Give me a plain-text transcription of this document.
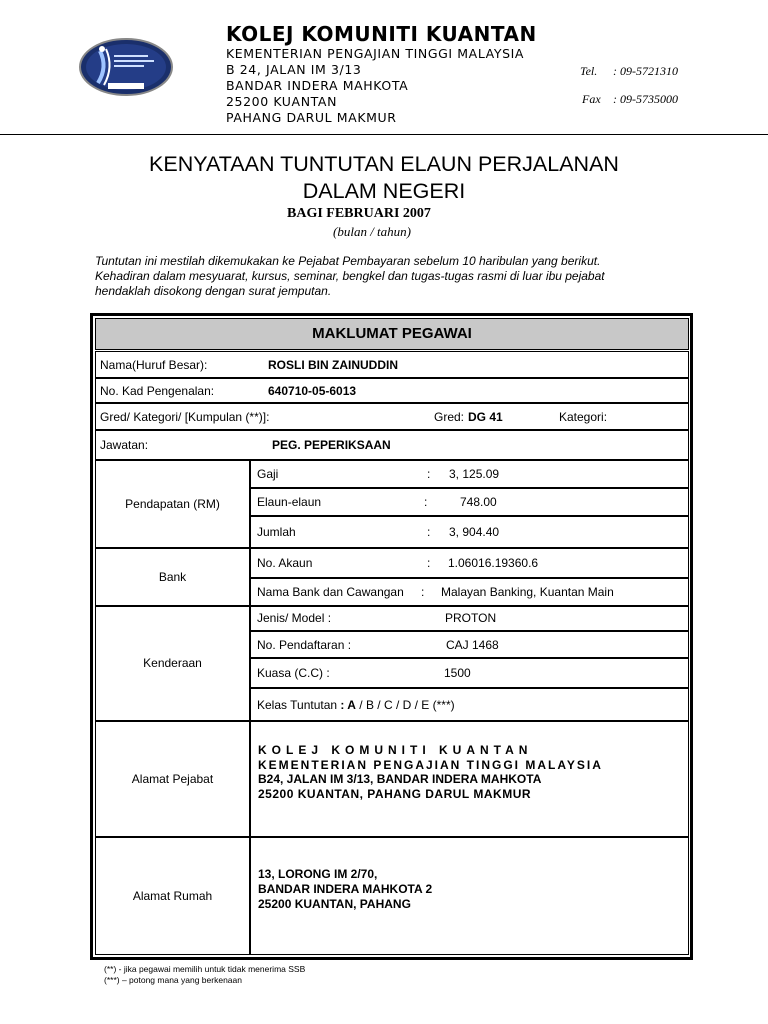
KOLEJ KOMUNITI KUANTAN
KEMENTERIAN PENGAJIAN TINGGI MALAYSIA
B 24, JALAN IM 3/13
BANDAR INDERA MAHKOTA
25200 KUANTAN
PAHANG DARUL MAKMUR
Tel. : 09-5721310
Fax : 09-5735000
KENYATAAN TUNTUTAN ELAUN PERJALANAN
DALAM NEGERI
BAGI FEBRUARI 2007
(bulan / tahun)
Tuntutan ini mestilah dikemukakan ke Pejabat Pembayaran sebelum 10 haribulan yang berikut.
Kehadiran dalam mesyuarat, kursus, seminar, bengkel dan tugas-tugas rasmi di luar ibu pejabat
hendaklah disokong dengan surat jemputan.
MAKLUMAT PEGAWAI
Nama(Huruf Besar):	ROSLI BIN ZAINUDDIN
No. Kad Pengenalan:	640710-05-6013
Gred/ Kategori/ [Kumpulan (**)]:	Gred: DG 41	Kategori:
Jawatan:	PEG. PEPERIKSAAN
Pendapatan (RM)
Gaji	: 3, 125.09
Elaun-elaun	:	748.00
Jumlah	: 3, 904.40
Bank
No. Akaun	: 1.06016.19360.6
Nama Bank dan Cawangan : Malayan Banking, Kuantan Main
Kenderaan
Jenis/ Model :	PROTON
No. Pendaftaran :	CAJ 1468
Kuasa (C.C) :	1500
Kelas Tuntutan : A / B / C / D / E (***)
Alamat Pejabat
KOLEJ KOMUNITI KUANTAN
KEMENTERIAN PENGAJIAN TINGGI MALAYSIA
B24, JALAN IM 3/13, BANDAR INDERA MAHKOTA
25200 KUANTAN, PAHANG DARUL MAKMUR
Alamat Rumah
13, LORONG IM 2/70,
BANDAR INDERA MAHKOTA 2
25200 KUANTAN, PAHANG
(**) - jika pegawai memilih untuk tidak menerima SSB
(***) – potong mana yang berkenaan
